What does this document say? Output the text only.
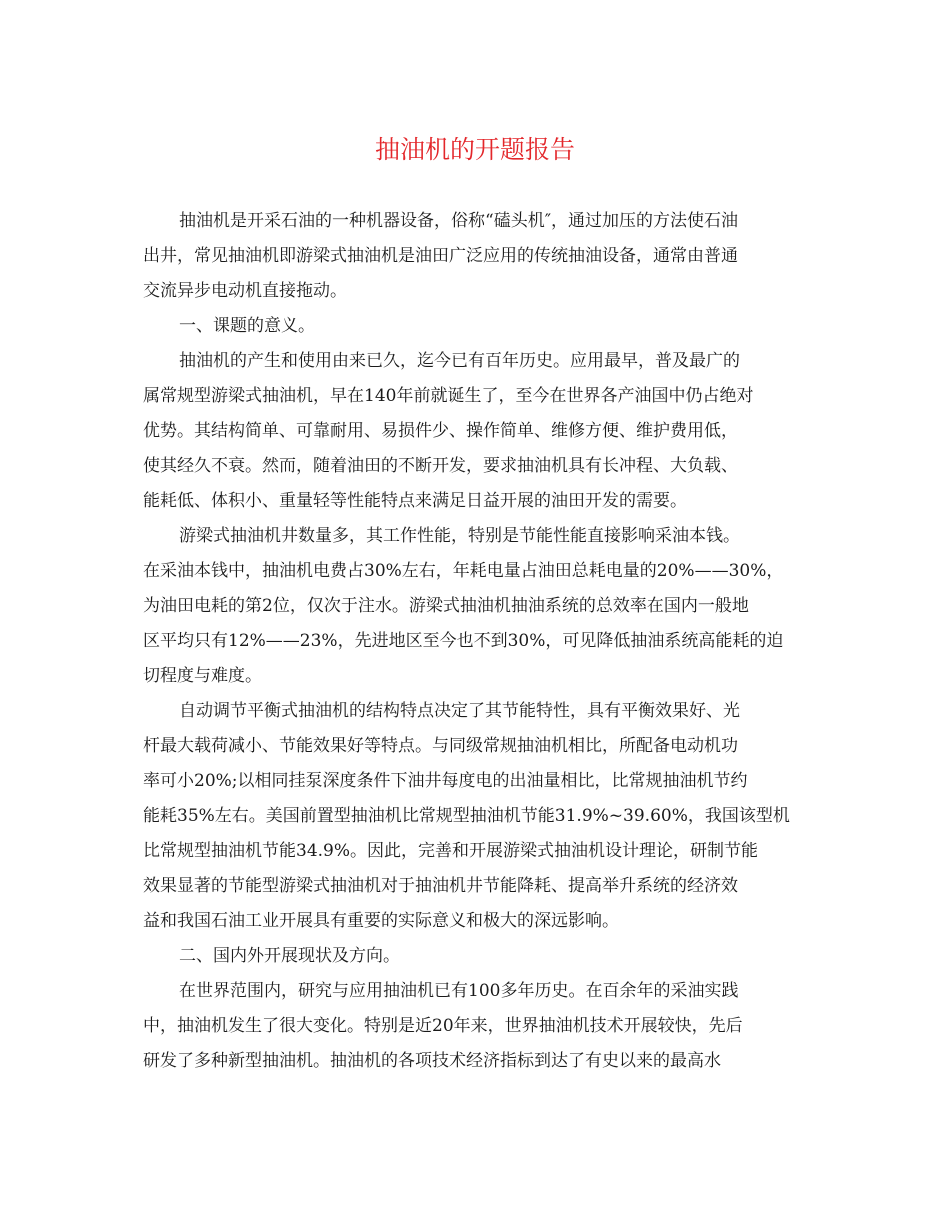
抽油机的开题报告
抽油机是开采石油的一种机器设备，俗称“磕头机″，通过加压的方法使石油
出井，常见抽油机即游梁式抽油机是油田广泛应用的传统抽油设备，通常由普通
交流异步电动机直接拖动。
一、课题的意义。
抽油机的产生和使用由来已久，迄今已有百年历史。应用最早，普及最广的
属常规型游梁式抽油机，早在140年前就诞生了，至今在世界各产油国中仍占绝对
优势。其结构简单、可靠耐用、易损件少、操作简单、维修方便、维护费用低，
使其经久不衰。然而，随着油田的不断开发，要求抽油机具有长冲程、大负载、
能耗低、体积小、重量轻等性能特点来满足日益开展的油田开发的需要。
游梁式抽油机井数量多，其工作性能，特别是节能性能直接影响采油本钱。
在采油本钱中，抽油机电费占30%左右，年耗电量占油田总耗电量的20%——30%，
为油田电耗的第2位，仅次于注水。游梁式抽油机抽油系统的总效率在国内一般地
区平均只有12%——23%，先进地区至今也不到30%，可见降低抽油系统高能耗的迫
切程度与难度。
自动调节平衡式抽油机的结构特点决定了其节能特性，具有平衡效果好、光
杆最大载荷减小、节能效果好等特点。与同级常规抽油机相比，所配备电动机功
率可小20%;以相同挂泵深度条件下油井每度电的出油量相比，比常规抽油机节约
能耗35%左右。美国前置型抽油机比常规型抽油机节能31.9%~39.60%，我国该型机
比常规型抽油机节能34.9%。因此，完善和开展游梁式抽油机设计理论，研制节能
效果显著的节能型游梁式抽油机对于抽油机井节能降耗、提高举升系统的经济效
益和我国石油工业开展具有重要的实际意义和极大的深远影响。
二、国内外开展现状及方向。
在世界范围内，研究与应用抽油机已有100多年历史。在百余年的采油实践
中，抽油机发生了很大变化。特别是近20年来，世界抽油机技术开展较快，先后
研发了多种新型抽油机。抽油机的各项技术经济指标到达了有史以来的最高水
